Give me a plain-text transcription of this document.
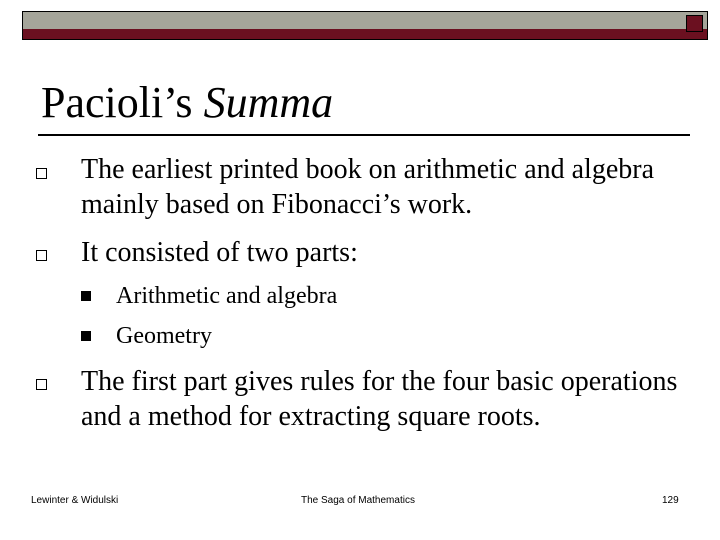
Pacioli’s Summa
The earliest printed book on arithmetic and algebra mainly based on Fibonacci’s work.
It consisted of two parts:
Arithmetic and algebra
Geometry
The first part gives rules for the four basic operations and a method for extracting square roots.
Lewinter & Widulski	The Saga of Mathematics	129
